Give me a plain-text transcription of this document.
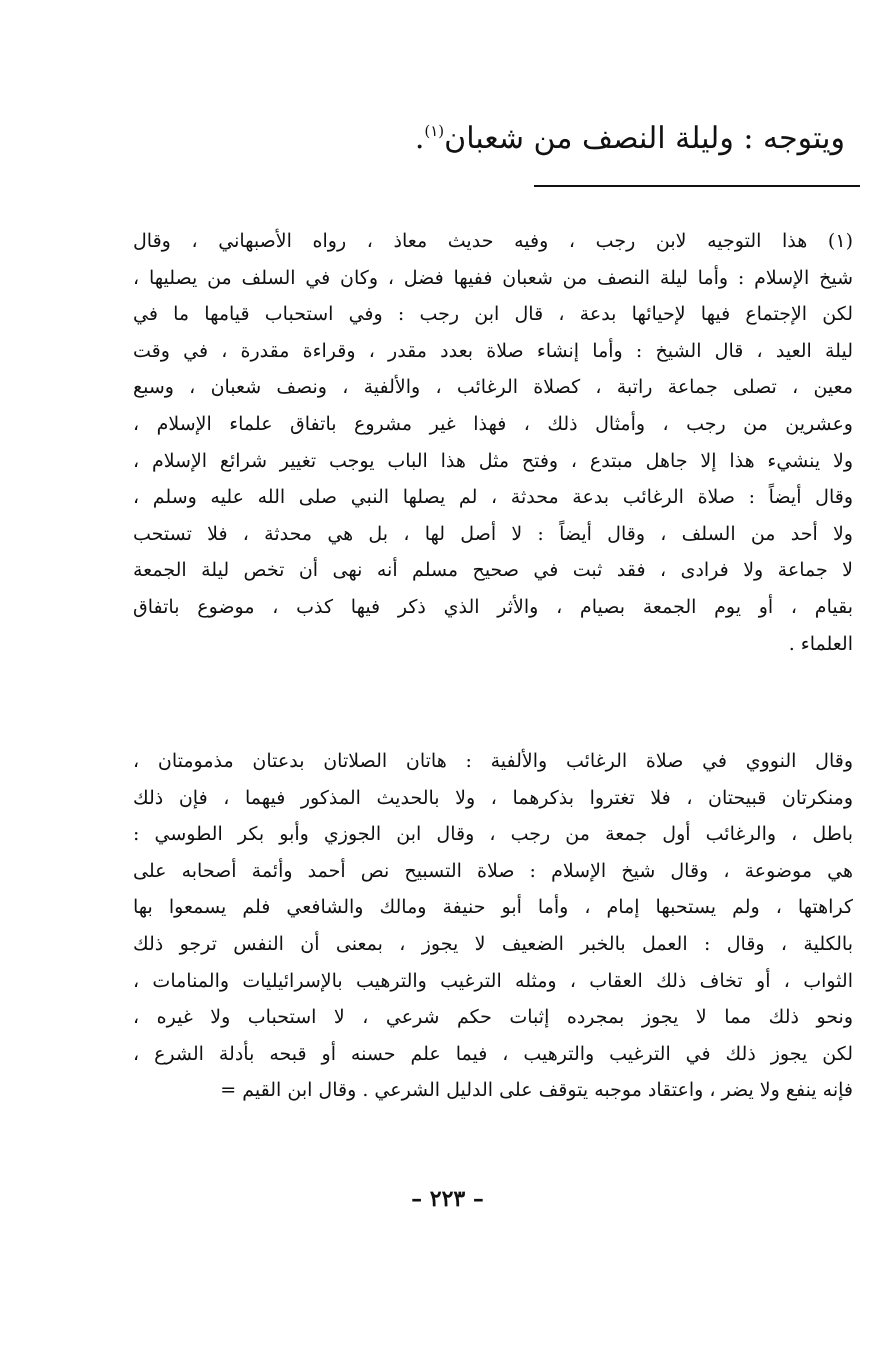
ويتوجه : وليلة النصف من شعبان$^{(١)}$.
(١) هذا التوجيه لابن رجب ، وفيه حديث معاذ ، رواه الأصبهاني ، وقال
شيخ الإسلام : وأما ليلة النصف من شعبان ففيها فضل ، وكان في السلف من يصليها ،
لكن الإجتماع فيها لإحيائها بدعة ، قال ابن رجب : وفي استحباب قيامها ما في
ليلة العيد ، قال الشيخ : وأما إنشاء صلاة بعدد مقدر ، وقراءة مقدرة ، في وقت
معين ، تصلى جماعة راتبة ، كصلاة الرغائب ، والألفية ، ونصف شعبان ، وسبع
وعشرين من رجب ، وأمثال ذلك ، فهذا غير مشروع باتفاق علماء الإسلام ،
ولا ينشيء هذا إلا جاهل مبتدع ، وفتح مثل هذا الباب يوجب تغيير شرائع الإسلام ،
وقال أيضاً : صلاة الرغائب بدعة محدثة ، لم يصلها النبي صلى الله عليه وسلم ،
ولا أحد من السلف ، وقال أيضاً : لا أصل لها ، بل هي محدثة ، فلا تستحب
لا جماعة ولا فرادى ، فقد ثبت في صحيح مسلم أنه نهى أن تخص ليلة الجمعة
بقيام ، أو يوم الجمعة بصيام ، والأثر الذي ذكر فيها كذب ، موضوع باتفاق
العلماء .
وقال النووي في صلاة الرغائب والألفية : هاتان الصلاتان بدعتان مذمومتان ،
ومنكرتان قبيحتان ، فلا تغتروا بذكرهما ، ولا بالحديث المذكور فيهما ، فإن ذلك
باطل ، والرغائب أول جمعة من رجب ، وقال ابن الجوزي وأبو بكر الطوسي :
هي موضوعة ، وقال شيخ الإسلام : صلاة التسبيح نص أحمد وأئمة أصحابه على
كراهتها ، ولم يستحبها إمام ، وأما أبو حنيفة ومالك والشافعي فلم يسمعوا بها
بالكلية ، وقال : العمل بالخبر الضعيف لا يجوز ، بمعنى أن النفس ترجو ذلك
الثواب ، أو تخاف ذلك العقاب ، ومثله الترغيب والترهيب بالإسرائيليات والمنامات ،
ونحو ذلك مما لا يجوز بمجرده إثبات حكم شرعي ، لا استحباب ولا غيره ،
لكن يجوز ذلك في الترغيب والترهيب ، فيما علم حسنه أو قبحه بأدلة الشرع ،
فإنه ينفع ولا يضر ، واعتقاد موجبه يتوقف على الدليل الشرعي . وقال ابن القيم =
– ٢٢٣ –
